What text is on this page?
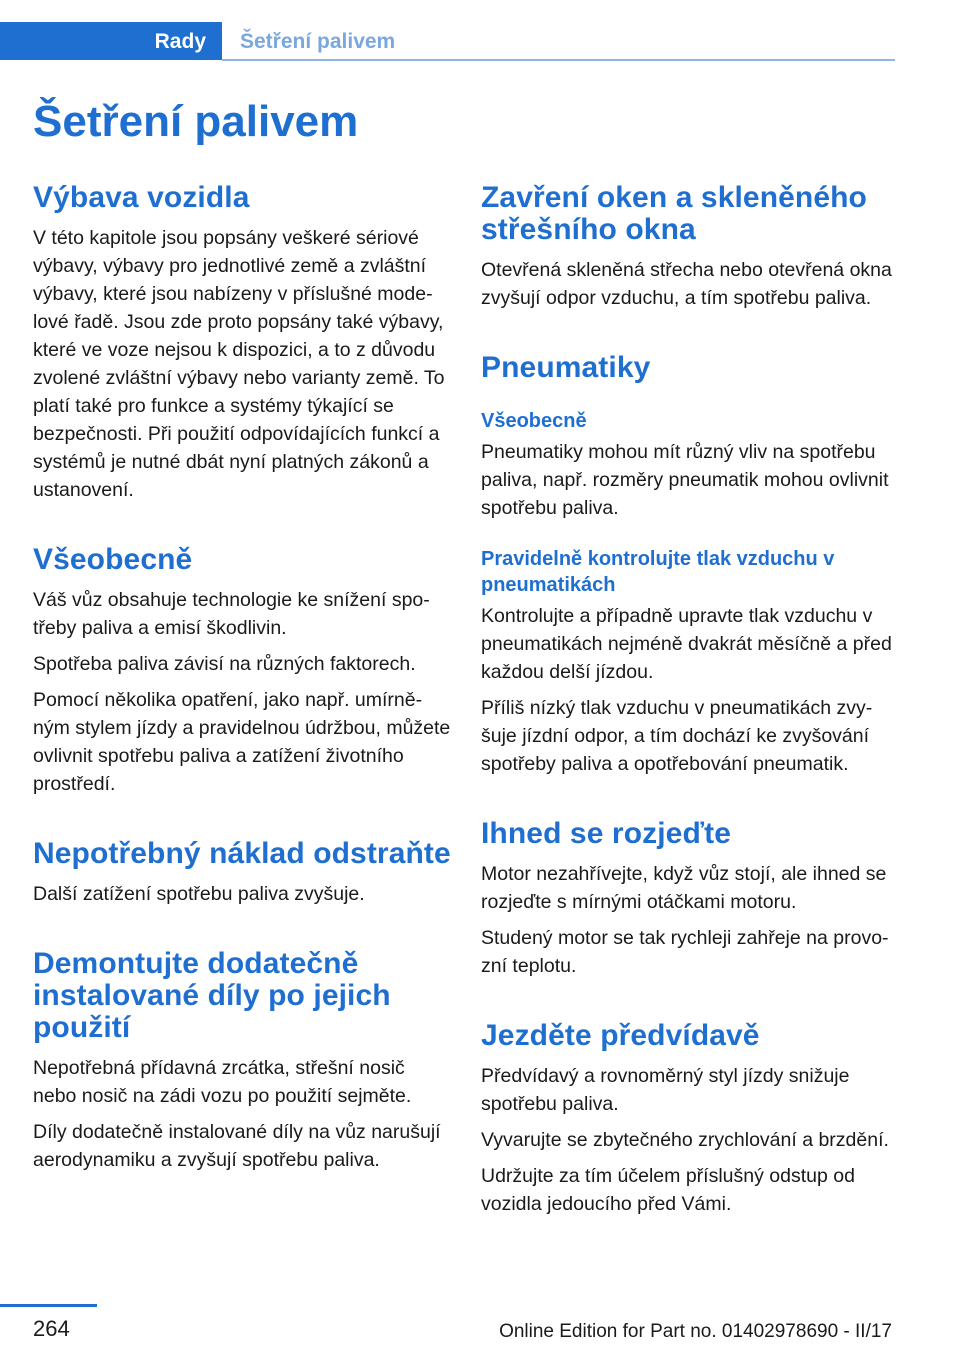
Rady	Šetření palivem
Šetření palivem
Výbava vozidla

V této kapitole jsou popsány veškeré sériové výbavy, výbavy pro jednotlivé země a zvláštní výbavy, které jsou nabízeny v příslušné modelové řadě. Jsou zde proto popsány také výbavy, které ve voze nejsou k dispozici, a to z důvodu zvolené zvláštní výbavy nebo varianty země. To platí také pro funkce a systémy týkající se bezpečnosti. Při použití odpovídajících funkcí a systémů je nutné dbát nyní platných zákonů a ustanovení.

Všeobecně

Váš vůz obsahuje technologie ke snížení spotřeby paliva a emisí škodlivin.

Spotřeba paliva závisí na různých faktorech.

Pomocí několika opatření, jako např. umírněným stylem jízdy a pravidelnou údržbou, můžete ovlivnit spotřebu paliva a zatížení životního prostředí.

Nepotřebný náklad odstraňte

Další zatížení spotřebu paliva zvyšuje.

Demontujte dodatečně instalované díly po jejich použití

Nepotřebná přídavná zrcátka, střešní nosič nebo nosič na zádi vozu po použití sejměte.

Díly dodatečně instalované díly na vůz narušují aerodynamiku a zvyšují spotřebu paliva.

Zavření oken a skleněného střešního okna

Otevřená skleněná střecha nebo otevřená okna zvyšují odpor vzduchu, a tím spotřebu paliva.

Pneumatiky
Všeobecně

Pneumatiky mohou mít různý vliv na spotřebu paliva, např. rozměry pneumatik mohou ovlivnit spotřebu paliva.

Pravidelně kontrolujte tlak vzduchu v pneumatikách

Kontrolujte a případně upravte tlak vzduchu v pneumatikách nejméně dvakrát měsíčně a před každou delší jízdou.

Příliš nízký tlak vzduchu v pneumatikách zvyšuje jízdní odpor, a tím dochází ke zvyšování spotřeby paliva a opotřebování pneumatik.

Ihned se rozjeďte

Motor nezahřívejte, když vůz stojí, ale ihned se rozjeďte s mírnými otáčkami motoru.

Studený motor se tak rychleji zahřeje na provozní teplotu.

Jezděte předvídavě

Předvídavý a rovnoměrný styl jízdy snižuje spotřebu paliva.

Vyvarujte se zbytečného zrychlování a brzdění.

Udržujte za tím účelem příslušný odstup od vozidla jedoucího před Vámi.

264	Online Edition for Part no. 01402978690 - II/17
